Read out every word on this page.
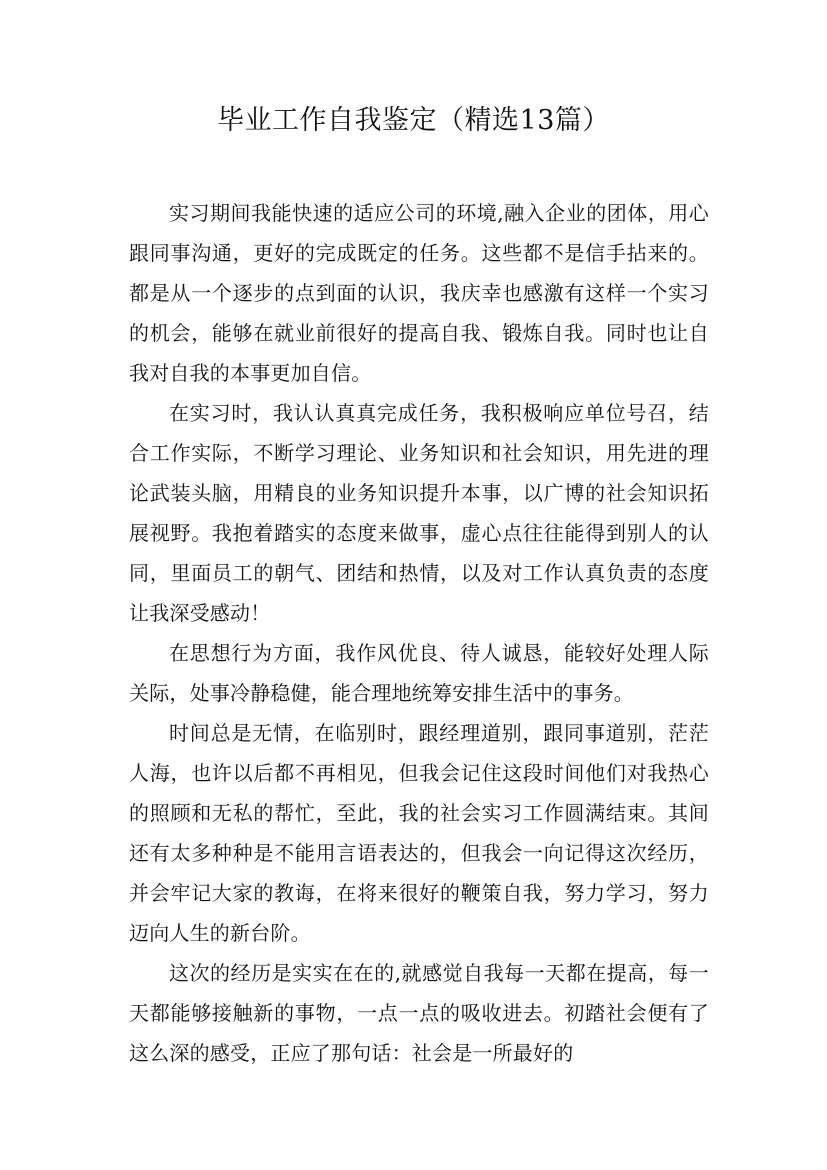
毕业工作自我鉴定（精选13篇）

实习期间我能快速的适应公司的环境,融入企业的团体，用心跟同事沟通，更好的完成既定的任务。这些都不是信手拈来的。都是从一个逐步的点到面的认识，我庆幸也感激有这样一个实习的机会，能够在就业前很好的提高自我、锻炼自我。同时也让自我对自我的本事更加自信。

在实习时，我认认真真完成任务，我积极响应单位号召，结合工作实际，不断学习理论、业务知识和社会知识，用先进的理论武装头脑，用精良的业务知识提升本事，以广博的社会知识拓展视野。我抱着踏实的态度来做事，虚心点往往能得到别人的认同，里面员工的朝气、团结和热情，以及对工作认真负责的态度让我深受感动！

在思想行为方面，我作风优良、待人诚恳，能较好处理人际关际，处事冷静稳健，能合理地统筹安排生活中的事务。

时间总是无情，在临别时，跟经理道别，跟同事道别，茫茫人海，也许以后都不再相见，但我会记住这段时间他们对我热心的照顾和无私的帮忙，至此，我的社会实习工作圆满结束。其间还有太多种种是不能用言语表达的，但我会一向记得这次经历，并会牢记大家的教诲，在将来很好的鞭策自我，努力学习，努力迈向人生的新台阶。

这次的经历是实实在在的,就感觉自我每一天都在提高，每一天都能够接触新的事物，一点一点的吸收进去。初踏社会便有了这么深的感受，正应了那句话：社会是一所最好的
